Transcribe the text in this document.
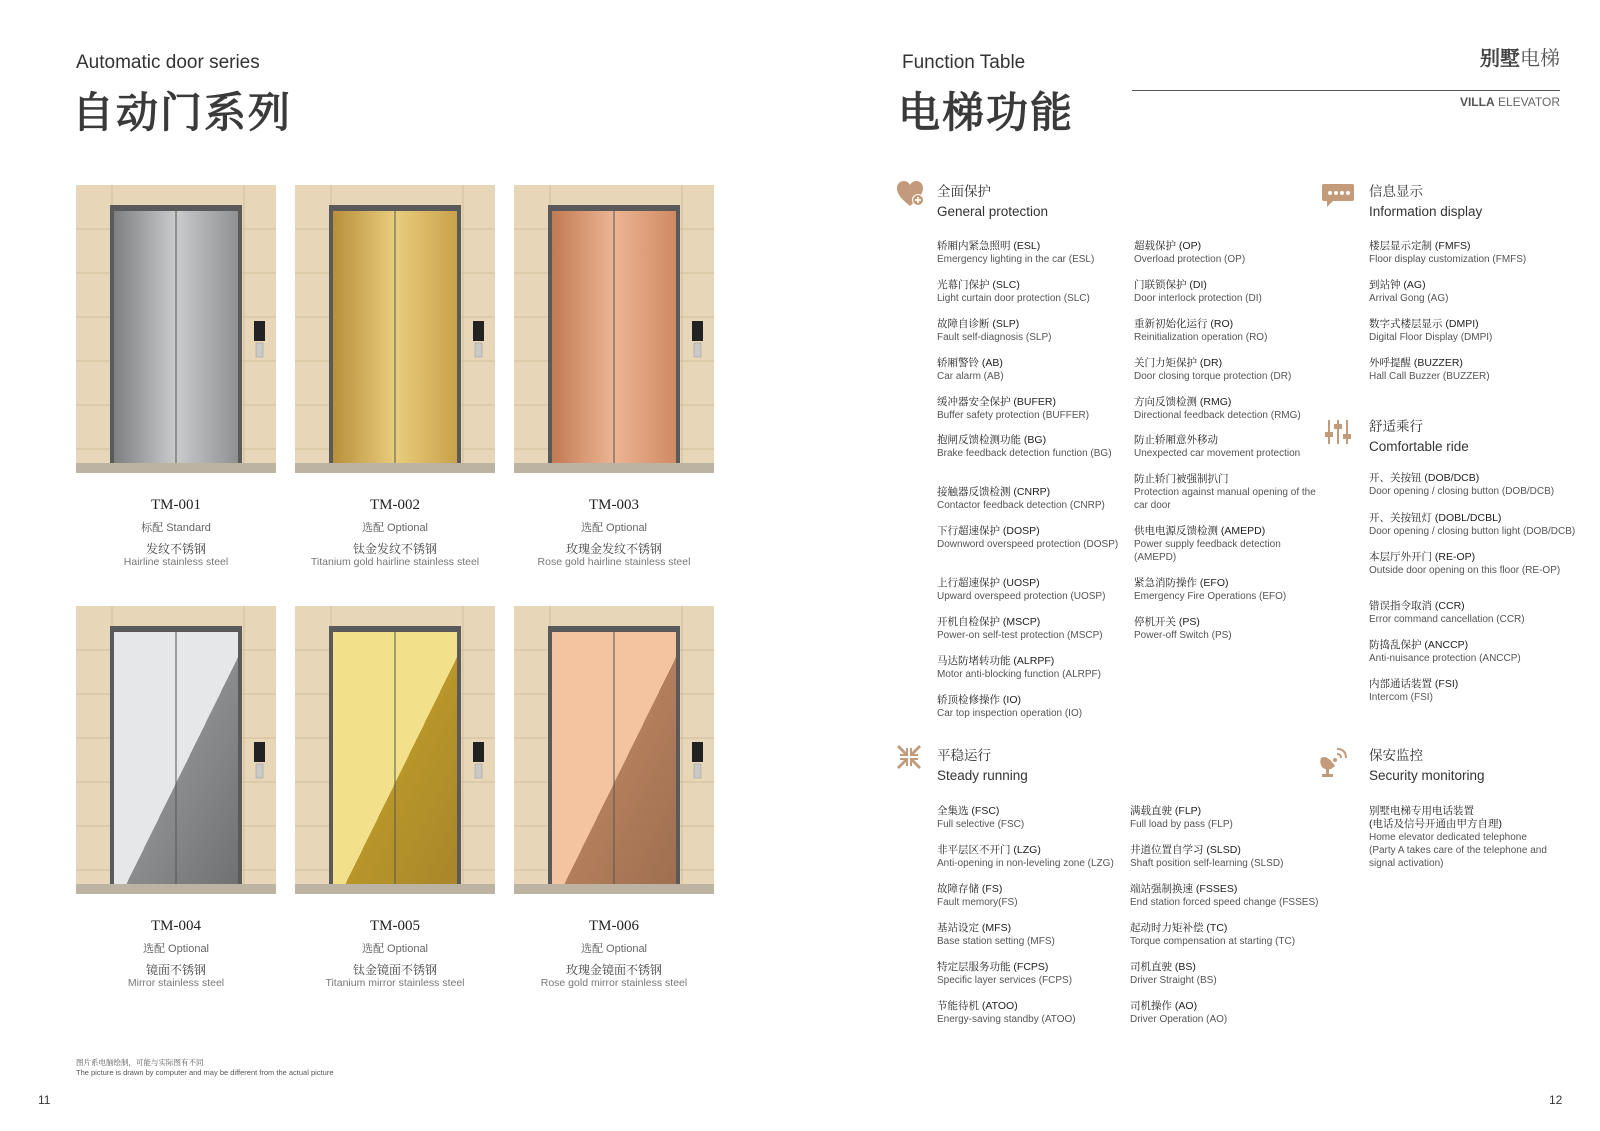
Automatic door series
自动门系列
TM-001
标配 Standard
发纹不锈钢
Hairline stainless steel
TM-002
选配 Optional
钛金发纹不锈钢
Titanium gold hairline stainless steel
TM-003
选配 Optional
玫瑰金发纹不锈钢
Rose gold hairline stainless steel
TM-004
选配 Optional
镜面不锈钢
Mirror stainless steel
TM-005
选配 Optional
钛金镜面不锈钢
Titanium mirror stainless steel
TM-006
选配 Optional
玫瑰金镜面不锈钢
Rose gold mirror stainless steel
图片系电脑绘制，可能与实际图有不同
The picture is drawn by computer and may be different from the actual picture
11
Function Table
电梯功能
别墅电梯
VILLA ELEVATOR
全面保护
General protection
信息显示
Information display
舒适乘行
Comfortable ride
平稳运行
Steady running
保安监控
Security monitoring
轿厢内紧急照明 (ESL)
Emergency lighting in the car (ESL)
光幕门保护 (SLC)
Light curtain door protection (SLC)
故障自诊断 (SLP)
Fault self-diagnosis (SLP)
轿厢警铃 (AB)
Car alarm (AB)
缓冲器安全保护 (BUFER)
Buffer safety protection (BUFFER)
抱闸反馈检测功能 (BG)
Brake feedback detection function (BG)
接触器反馈检测 (CNRP)
Contactor feedback detection (CNRP)
下行超速保护 (DOSP)
Downword overspeed protection (DOSP)
上行超速保护 (UOSP)
Upward overspeed protection (UOSP)
开机自检保护 (MSCP)
Power-on self-test protection (MSCP)
马达防堵转功能 (ALRPF)
Motor anti-blocking function (ALRPF)
轿顶检修操作 (IO)
Car top inspection operation (IO)
超载保护 (OP)
Overload protection (OP)
门联锁保护 (DI)
Door interlock protection (DI)
重新初始化运行 (RO)
Reinitialization operation (RO)
关门力矩保护 (DR)
Door closing torque protection (DR)
方向反馈检测 (RMG)
Directional feedback detection (RMG)
防止轿厢意外移动
Unexpected car movement protection
防止轿门被强制扒门
Protection against manual opening of the car door
供电电源反馈检测 (AMEPD)
Power supply feedback detection (AMEPD)
紧急消防操作 (EFO)
Emergency Fire Operations (EFO)
停机开关 (PS)
Power-off Switch (PS)
楼层显示定制 (FMFS)
Floor display customization (FMFS)
到站钟 (AG)
Arrival Gong (AG)
数字式楼层显示 (DMPI)
Digital Floor Display (DMPI)
外呼提醒 (BUZZER)
Hall Call Buzzer (BUZZER)
开、关按钮 (DOB/DCB)
Door opening / closing button (DOB/DCB)
开、关按钮灯 (DOBL/DCBL)
Door opening / closing button light (DOB/DCB)
本层厅外开门 (RE-OP)
Outside door opening on this floor (RE-OP)
错误指令取消 (CCR)
Error command cancellation (CCR)
防捣乱保护 (ANCCP)
Anti-nuisance protection (ANCCP)
内部通话装置 (FSI)
Intercom (FSI)
全集选 (FSC)
Full selective (FSC)
非平层区不开门 (LZG)
Anti-opening in non-leveling zone (LZG)
故障存储 (FS)
Fault memory(FS)
基站设定 (MFS)
Base station setting (MFS)
特定层服务功能 (FCPS)
Specific layer services (FCPS)
节能待机 (ATOO)
Energy-saving standby (ATOO)
满载直驶 (FLP)
Full load by pass (FLP)
井道位置自学习 (SLSD)
Shaft position self-learning (SLSD)
端站强制换速 (FSSES)
End station forced speed change (FSSES)
起动时力矩补偿 (TC)
Torque compensation at starting (TC)
司机直驶 (BS)
Driver Straight (BS)
司机操作 (AO)
Driver Operation (AO)
别墅电梯专用电话装置
(电话及信号开通由甲方自理)
Home elevator dedicated telephone (Party A takes care of the telephone and signal activation)
12
